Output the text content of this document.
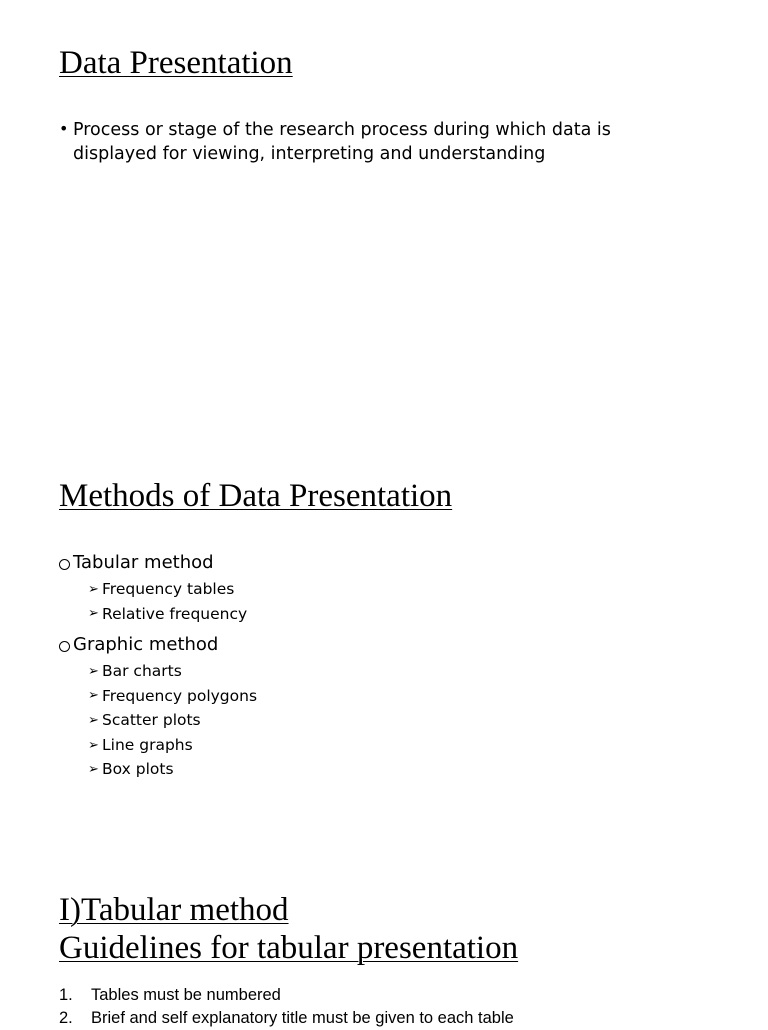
Data Presentation
• Process or stage of the research process during which data is
displayed for viewing, interpreting and understanding
Methods of Data Presentation
Tabular method
➢ Frequency tables
➢ Relative frequency
Graphic method
➢ Bar charts
➢ Frequency polygons
➢ Scatter plots
➢ Line graphs
➢ Box plots
I)Tabular method
Guidelines for tabular presentation
1.	Tables must be numbered
2.	Brief and self explanatory title must be given to each table
